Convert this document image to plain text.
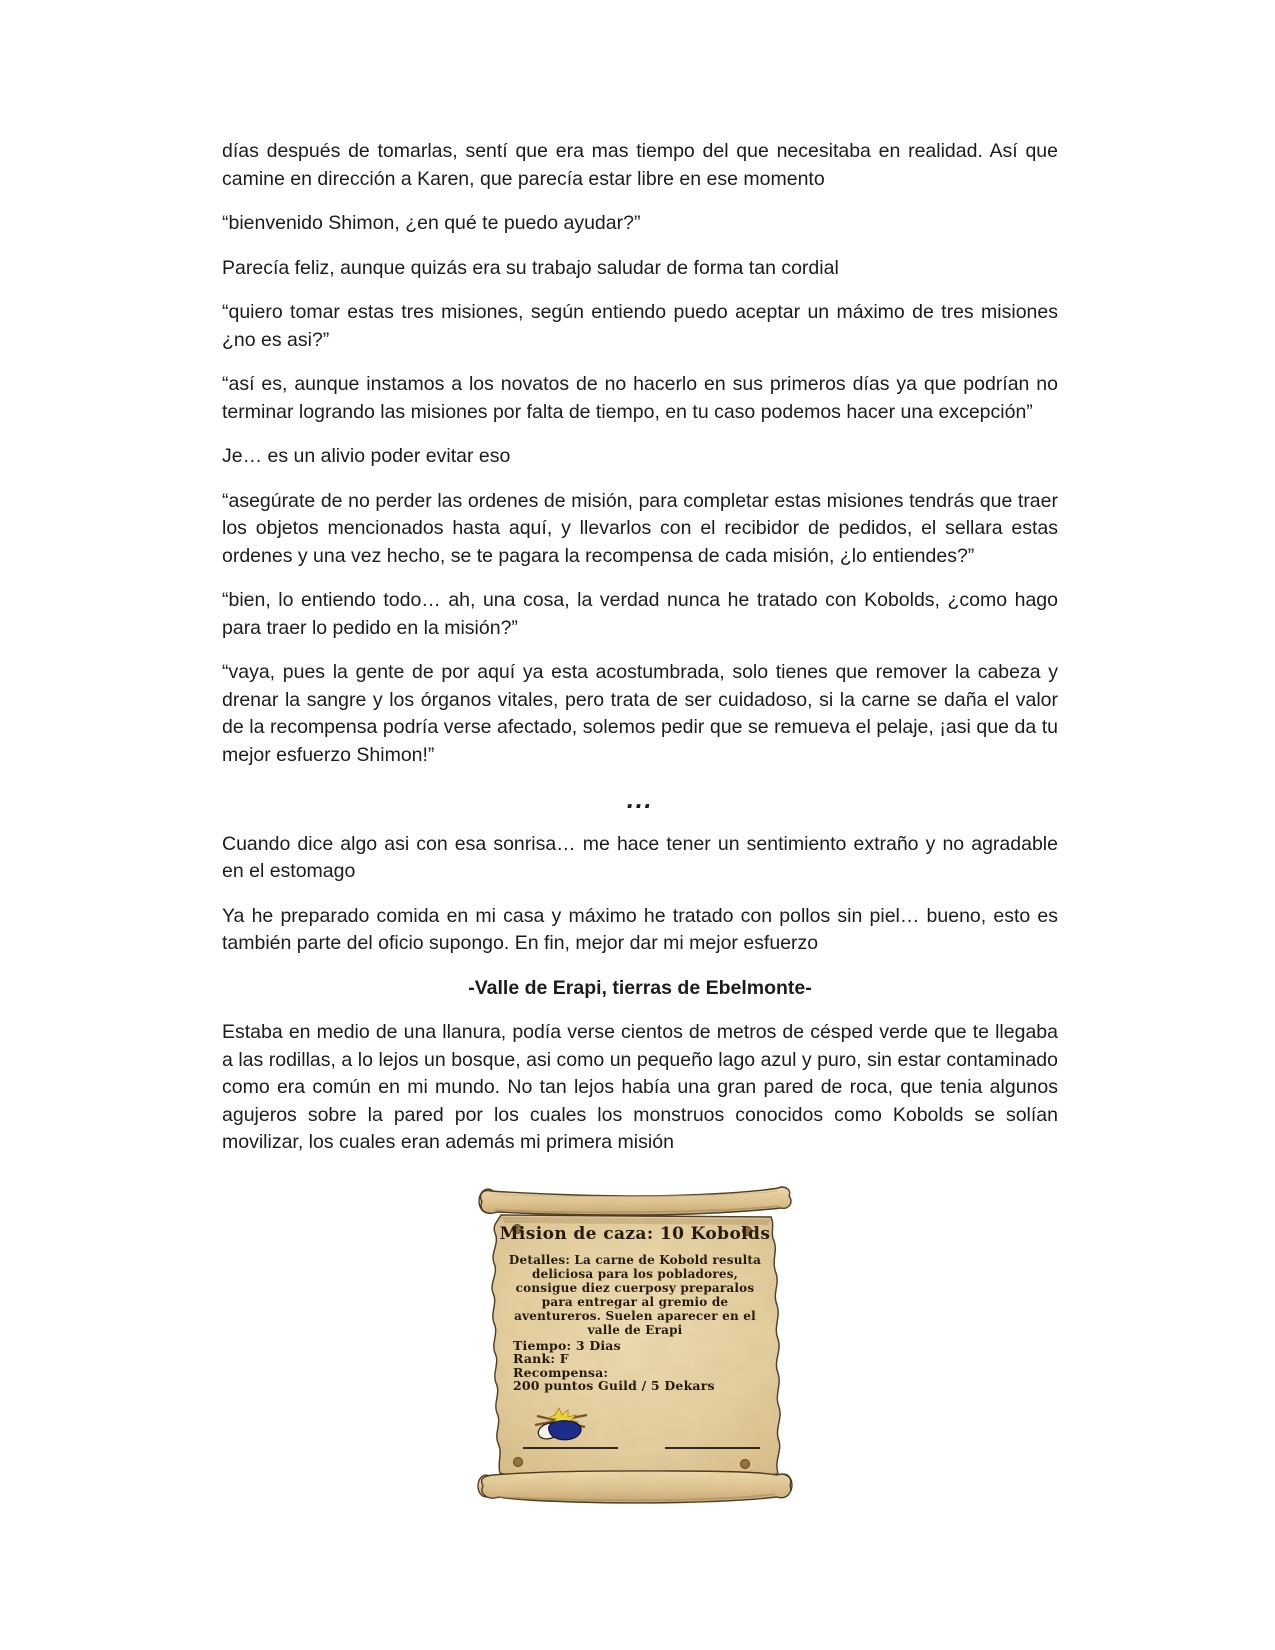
días después de tomarlas, sentí que era mas tiempo del que necesitaba en realidad. Así que camine en dirección a Karen, que parecía estar libre en ese momento

“bienvenido Shimon, ¿en qué te puedo ayudar?”

Parecía feliz, aunque quizás era su trabajo saludar de forma tan cordial

“quiero tomar estas tres misiones, según entiendo puedo aceptar un máximo de tres misiones ¿no es asi?”

“así es, aunque instamos a los novatos de no hacerlo en sus primeros días ya que podrían no terminar logrando las misiones por falta de tiempo, en tu caso podemos hacer una excepción”

Je… es un alivio poder evitar eso

“asegúrate de no perder las ordenes de misión, para completar estas misiones tendrás que traer los objetos mencionados hasta aquí, y llevarlos con el recibidor de pedidos, el sellara estas ordenes y una vez hecho, se te pagara la recompensa de cada misión, ¿lo entiendes?”

“bien, lo entiendo todo… ah, una cosa, la verdad nunca he tratado con Kobolds, ¿como hago para traer lo pedido en la misión?”

“vaya, pues la gente de por aquí ya esta acostumbrada, solo tienes que remover la cabeza y drenar la sangre y los órganos vitales, pero trata de ser cuidadoso, si la carne se daña el valor de la recompensa podría verse afectado, solemos pedir que se remueva el pelaje, ¡asi que da tu mejor esfuerzo Shimon!”

...

Cuando dice algo asi con esa sonrisa… me hace tener un sentimiento extraño y no agradable en el estomago

Ya he preparado comida en mi casa y máximo he tratado con pollos sin piel… bueno, esto es también parte del oficio supongo. En fin, mejor dar mi mejor esfuerzo

-Valle de Erapi, tierras de Ebelmonte-

Estaba en medio de una llanura, podía verse cientos de metros de césped verde que te llegaba a las rodillas, a lo lejos un bosque, asi como un pequeño lago azul y puro, sin estar contaminado como era común en mi mundo. No tan lejos había una gran pared de roca, que tenia algunos agujeros sobre la pared por los cuales los monstruos conocidos como Kobolds se solían movilizar, los cuales eran además mi primera misión

Mision de caza: 10 Kobolds
Detalles: La carne de Kobold resulta
deliciosa para los pobladores,
consigue diez cuerposy preparalos
para entregar al gremio de
aventureros. Suelen aparecer en el
valle de Erapi
Tiempo: 3 Dias
Rank: F
Recompensa:
200 puntos Guild / 5 Dekars
